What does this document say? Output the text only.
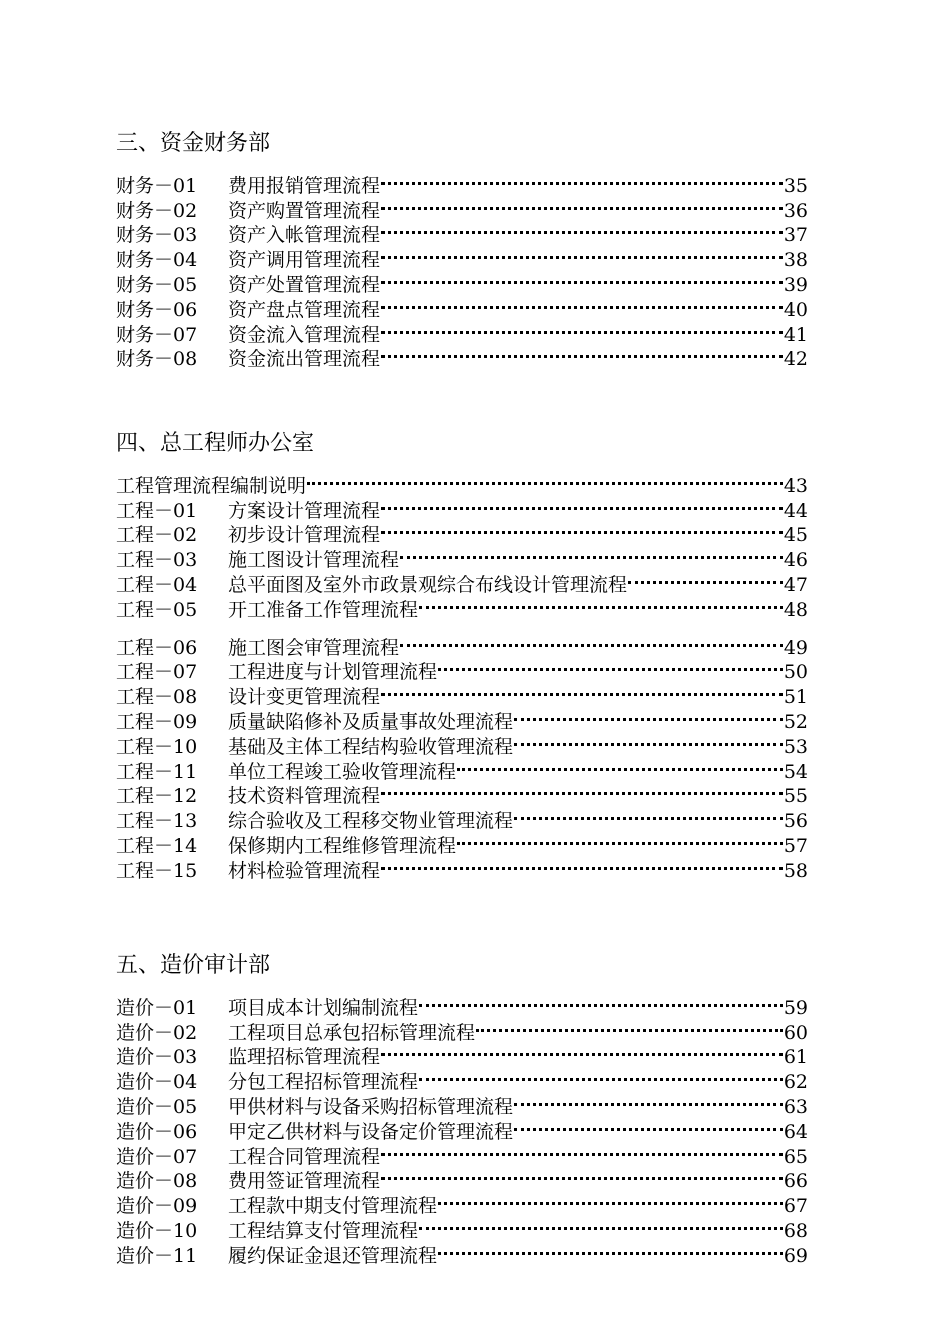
三、资金财务部
财务－01	费用报销管理流程	35
财务－02	资产购置管理流程	36
财务－03	资产入帐管理流程	37
财务－04	资产调用管理流程	38
财务－05	资产处置管理流程	39
财务－06	资产盘点管理流程	40
财务－07	资金流入管理流程	41
财务－08	资金流出管理流程	42
四、总工程师办公室
工程管理流程编制说明	43
工程－01	方案设计管理流程	44
工程－02	初步设计管理流程	45
工程－03	施工图设计管理流程	46
工程－04	总平面图及室外市政景观综合布线设计管理流程	47
工程－05	开工准备工作管理流程	48
工程－06	施工图会审管理流程	49
工程－07	工程进度与计划管理流程	50
工程－08	设计变更管理流程	51
工程－09	质量缺陷修补及质量事故处理流程	52
工程－10	基础及主体工程结构验收管理流程	53
工程－11	单位工程竣工验收管理流程	54
工程－12	技术资料管理流程	55
工程－13	综合验收及工程移交物业管理流程	56
工程－14	保修期内工程维修管理流程	57
工程－15	材料检验管理流程	58
五、造价审计部
造价－01	项目成本计划编制流程	59
造价－02	工程项目总承包招标管理流程	60
造价－03	监理招标管理流程	61
造价－04	分包工程招标管理流程	62
造价－05	甲供材料与设备采购招标管理流程	63
造价－06	甲定乙供材料与设备定价管理流程	64
造价－07	工程合同管理流程	65
造价－08	费用签证管理流程	66
造价－09	工程款中期支付管理流程	67
造价－10	工程结算支付管理流程	68
造价－11	履约保证金退还管理流程	69
